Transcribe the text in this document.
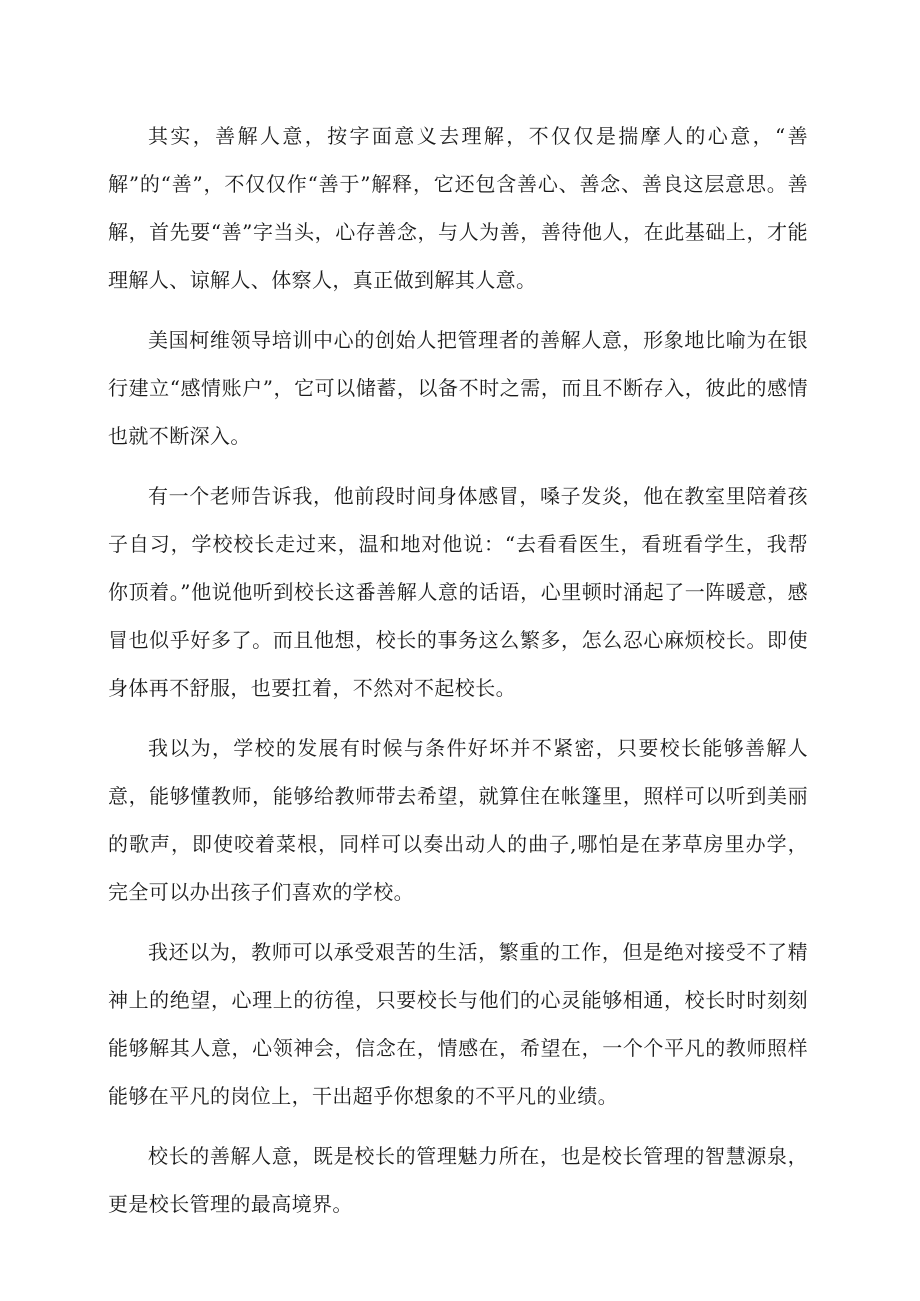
其实，善解人意，按字面意义去理解，不仅仅是揣摩人的心意，“善解”的“善”，不仅仅作“善于”解释，它还包含善心、善念、善良这层意思。善解，首先要“善”字当头，心存善念，与人为善，善待他人，在此基础上，才能理解人、谅解人、体察人，真正做到解其人意。

美国柯维领导培训中心的创始人把管理者的善解人意，形象地比喻为在银行建立“感情账户”，它可以储蓄，以备不时之需，而且不断存入，彼此的感情也就不断深入。

有一个老师告诉我，他前段时间身体感冒，嗓子发炎，他在教室里陪着孩子自习，学校校长走过来，温和地对他说：“去看看医生，看班看学生，我帮你顶着。”他说他听到校长这番善解人意的话语，心里顿时涌起了一阵暖意，感冒也似乎好多了。而且他想，校长的事务这么繁多，怎么忍心麻烦校长。即使身体再不舒服，也要扛着，不然对不起校长。

我以为，学校的发展有时候与条件好坏并不紧密，只要校长能够善解人意，能够懂教师，能够给教师带去希望，就算住在帐篷里，照样可以听到美丽的歌声，即使咬着菜根，同样可以奏出动人的曲子,哪怕是在茅草房里办学，完全可以办出孩子们喜欢的学校。

我还以为，教师可以承受艰苦的生活，繁重的工作，但是绝对接受不了精神上的绝望，心理上的彷徨，只要校长与他们的心灵能够相通，校长时时刻刻能够解其人意，心领神会，信念在，情感在，希望在，一个个平凡的教师照样能够在平凡的岗位上，干出超乎你想象的不平凡的业绩。

校长的善解人意，既是校长的管理魅力所在，也是校长管理的智慧源泉，更是校长管理的最高境界。
